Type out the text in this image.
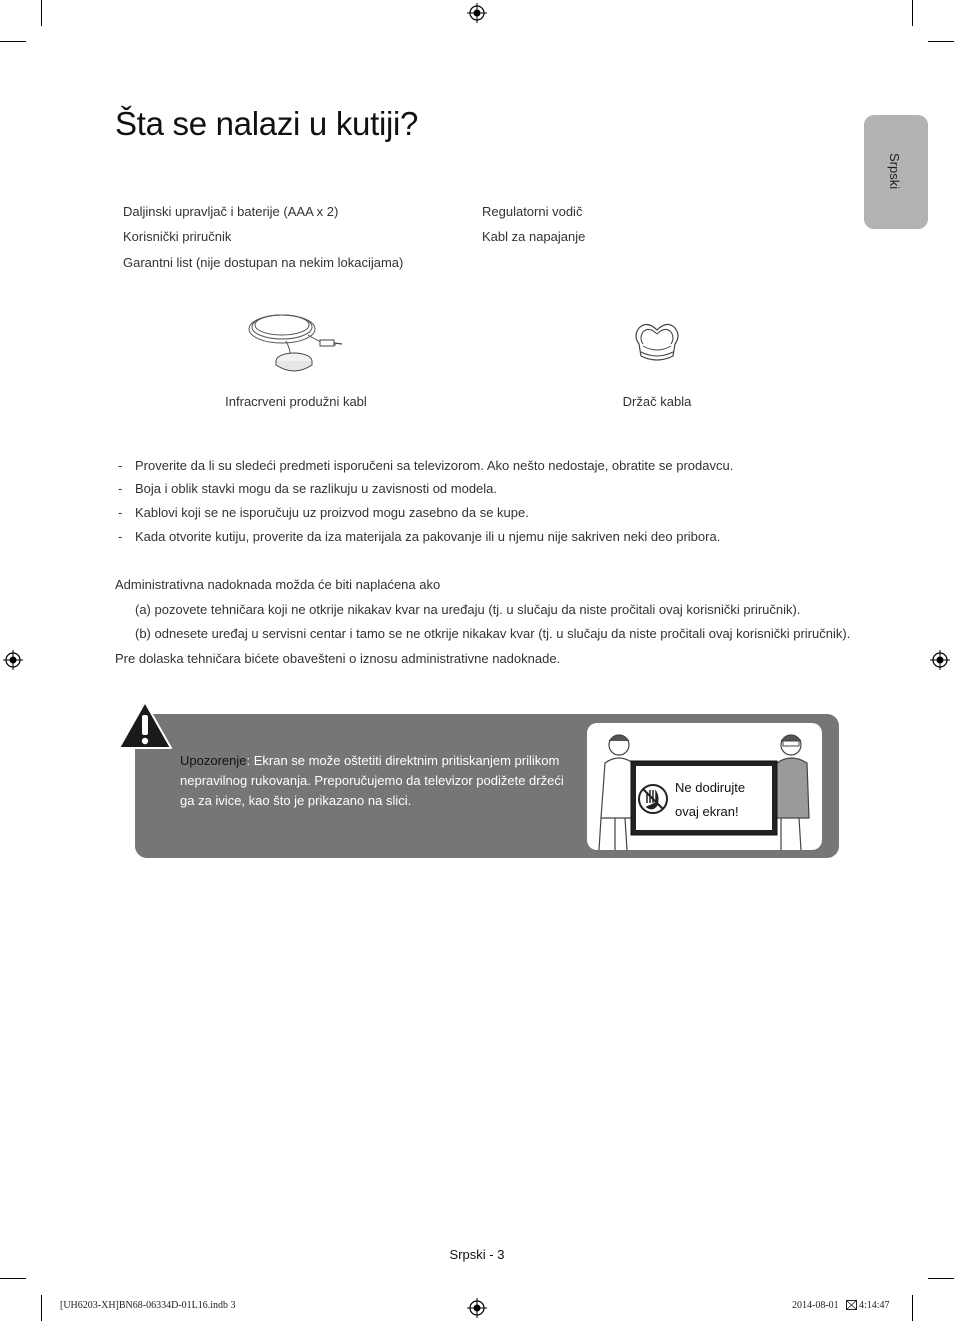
Šta se nalazi u kutiji?
Srpski
Daljinski upravljač i baterije (AAA x 2)
Korisnički priručnik
Garantni list (nije dostupan na nekim lokacijama)
Regulatorni vodič
Kabl za napajanje
Infracrveni produžni kabl	Držač kabla
- Proverite da li su sledeći predmeti isporučeni sa televizorom. Ako nešto nedostaje, obratite se prodavcu.
- Boja i oblik stavki mogu da se razlikuju u zavisnosti od modela.
- Kablovi koji se ne isporučuju uz proizvod mogu zasebno da se kupe.
- Kada otvorite kutiju, proverite da iza materijala za pakovanje ili u njemu nije sakriven neki deo pribora.
Administrativna nadoknada možda će biti naplaćena ako
(a) pozovete tehničara koji ne otkrije nikakav kvar na uređaju (tj. u slučaju da niste pročitali ovaj korisnički priručnik).
(b) odnesete uređaj u servisni centar i tamo se ne otkrije nikakav kvar (tj. u slučaju da niste pročitali ovaj korisnički priručnik).
Pre dolaska tehničara bićete obavešteni o iznosu administrativne nadoknade.
Upozorenje: Ekran se može oštetiti direktnim pritiskanjem prilikom nepravilnog rukovanja. Preporučujemo da televizor podižete držeći ga za ivice, kao što je prikazano na slici.
Ne dodirujte
ovaj ekran!
Srpski - 3
[UH6203-XH]BN68-06334D-01L16.indb 3	2014-08-01 4:14:47
